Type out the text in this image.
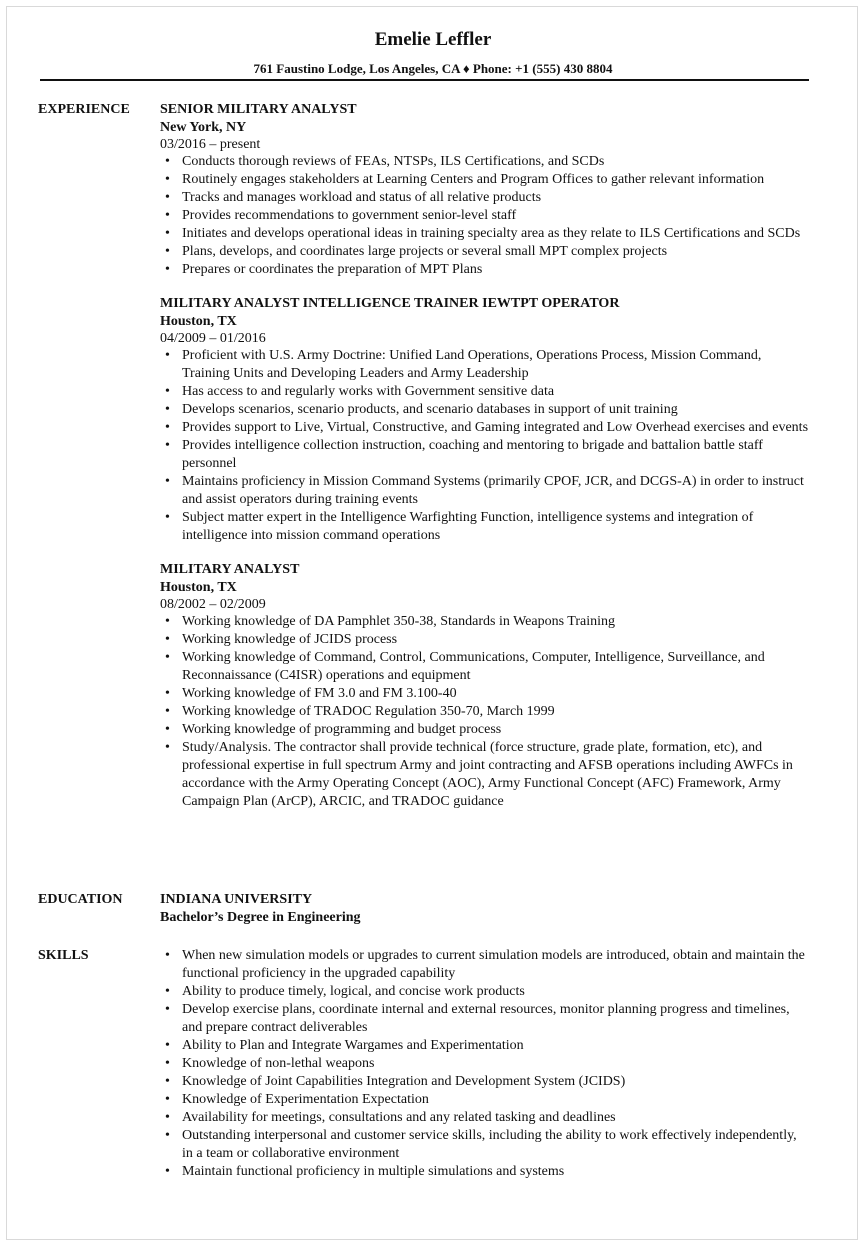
Emelie Leffler
761 Faustino Lodge, Los Angeles, CA ♦ Phone: +1 (555) 430 8804
EXPERIENCE SENIOR MILITARY ANALYST
New York, NY
03/2016 – present
• Conducts thorough reviews of FEAs, NTSPs, ILS Certifications, and SCDs
• Routinely engages stakeholders at Learning Centers and Program Offices to gather relevant information
• Tracks and manages workload and status of all relative products
• Provides recommendations to government senior-level staff
• Initiates and develops operational ideas in training specialty area as they relate to ILS Certifications and SCDs
• Plans, develops, and coordinates large projects or several small MPT complex projects
• Prepares or coordinates the preparation of MPT Plans
MILITARY ANALYST INTELLIGENCE TRAINER IEWTPT OPERATOR
Houston, TX
04/2009 – 01/2016
• Proficient with U.S. Army Doctrine: Unified Land Operations, Operations Process, Mission Command, Training Units and Developing Leaders and Army Leadership
• Has access to and regularly works with Government sensitive data
• Develops scenarios, scenario products, and scenario databases in support of unit training
• Provides support to Live, Virtual, Constructive, and Gaming integrated and Low Overhead exercises and events
• Provides intelligence collection instruction, coaching and mentoring to brigade and battalion battle staff personnel
• Maintains proficiency in Mission Command Systems (primarily CPOF, JCR, and DCGS-A) in order to instruct and assist operators during training events
• Subject matter expert in the Intelligence Warfighting Function, intelligence systems and integration of intelligence into mission command operations
MILITARY ANALYST
Houston, TX
08/2002 – 02/2009
• Working knowledge of DA Pamphlet 350-38, Standards in Weapons Training
• Working knowledge of JCIDS process
• Working knowledge of Command, Control, Communications, Computer, Intelligence, Surveillance, and Reconnaissance (C4ISR) operations and equipment
• Working knowledge of FM 3.0 and FM 3.100-40
• Working knowledge of TRADOC Regulation 350-70, March 1999
• Working knowledge of programming and budget process
• Study/Analysis. The contractor shall provide technical (force structure, grade plate, formation, etc), and professional expertise in full spectrum Army and joint contracting and AFSB operations including AWFCs in accordance with the Army Operating Concept (AOC), Army Functional Concept (AFC) Framework, Army Campaign Plan (ArCP), ARCIC, and TRADOC guidance
EDUCATION	INDIANA UNIVERSITY
Bachelor’s Degree in Engineering
SKILLS
•	When new simulation models or upgrades to current simulation models are introduced, obtain and maintain the functional proficiency in the upgraded capability
• Ability to produce timely, logical, and concise work products
• Develop exercise plans, coordinate internal and external resources, monitor planning progress and timelines, and prepare contract deliverables
• Ability to Plan and Integrate Wargames and Experimentation
• Knowledge of non-lethal weapons
• Knowledge of Joint Capabilities Integration and Development System (JCIDS)
• Knowledge of Experimentation Expectation
• Availability for meetings, consultations and any related tasking and deadlines
• Outstanding interpersonal and customer service skills, including the ability to work effectively independently, in a team or collaborative environment
• Maintain functional proficiency in multiple simulations and systems
